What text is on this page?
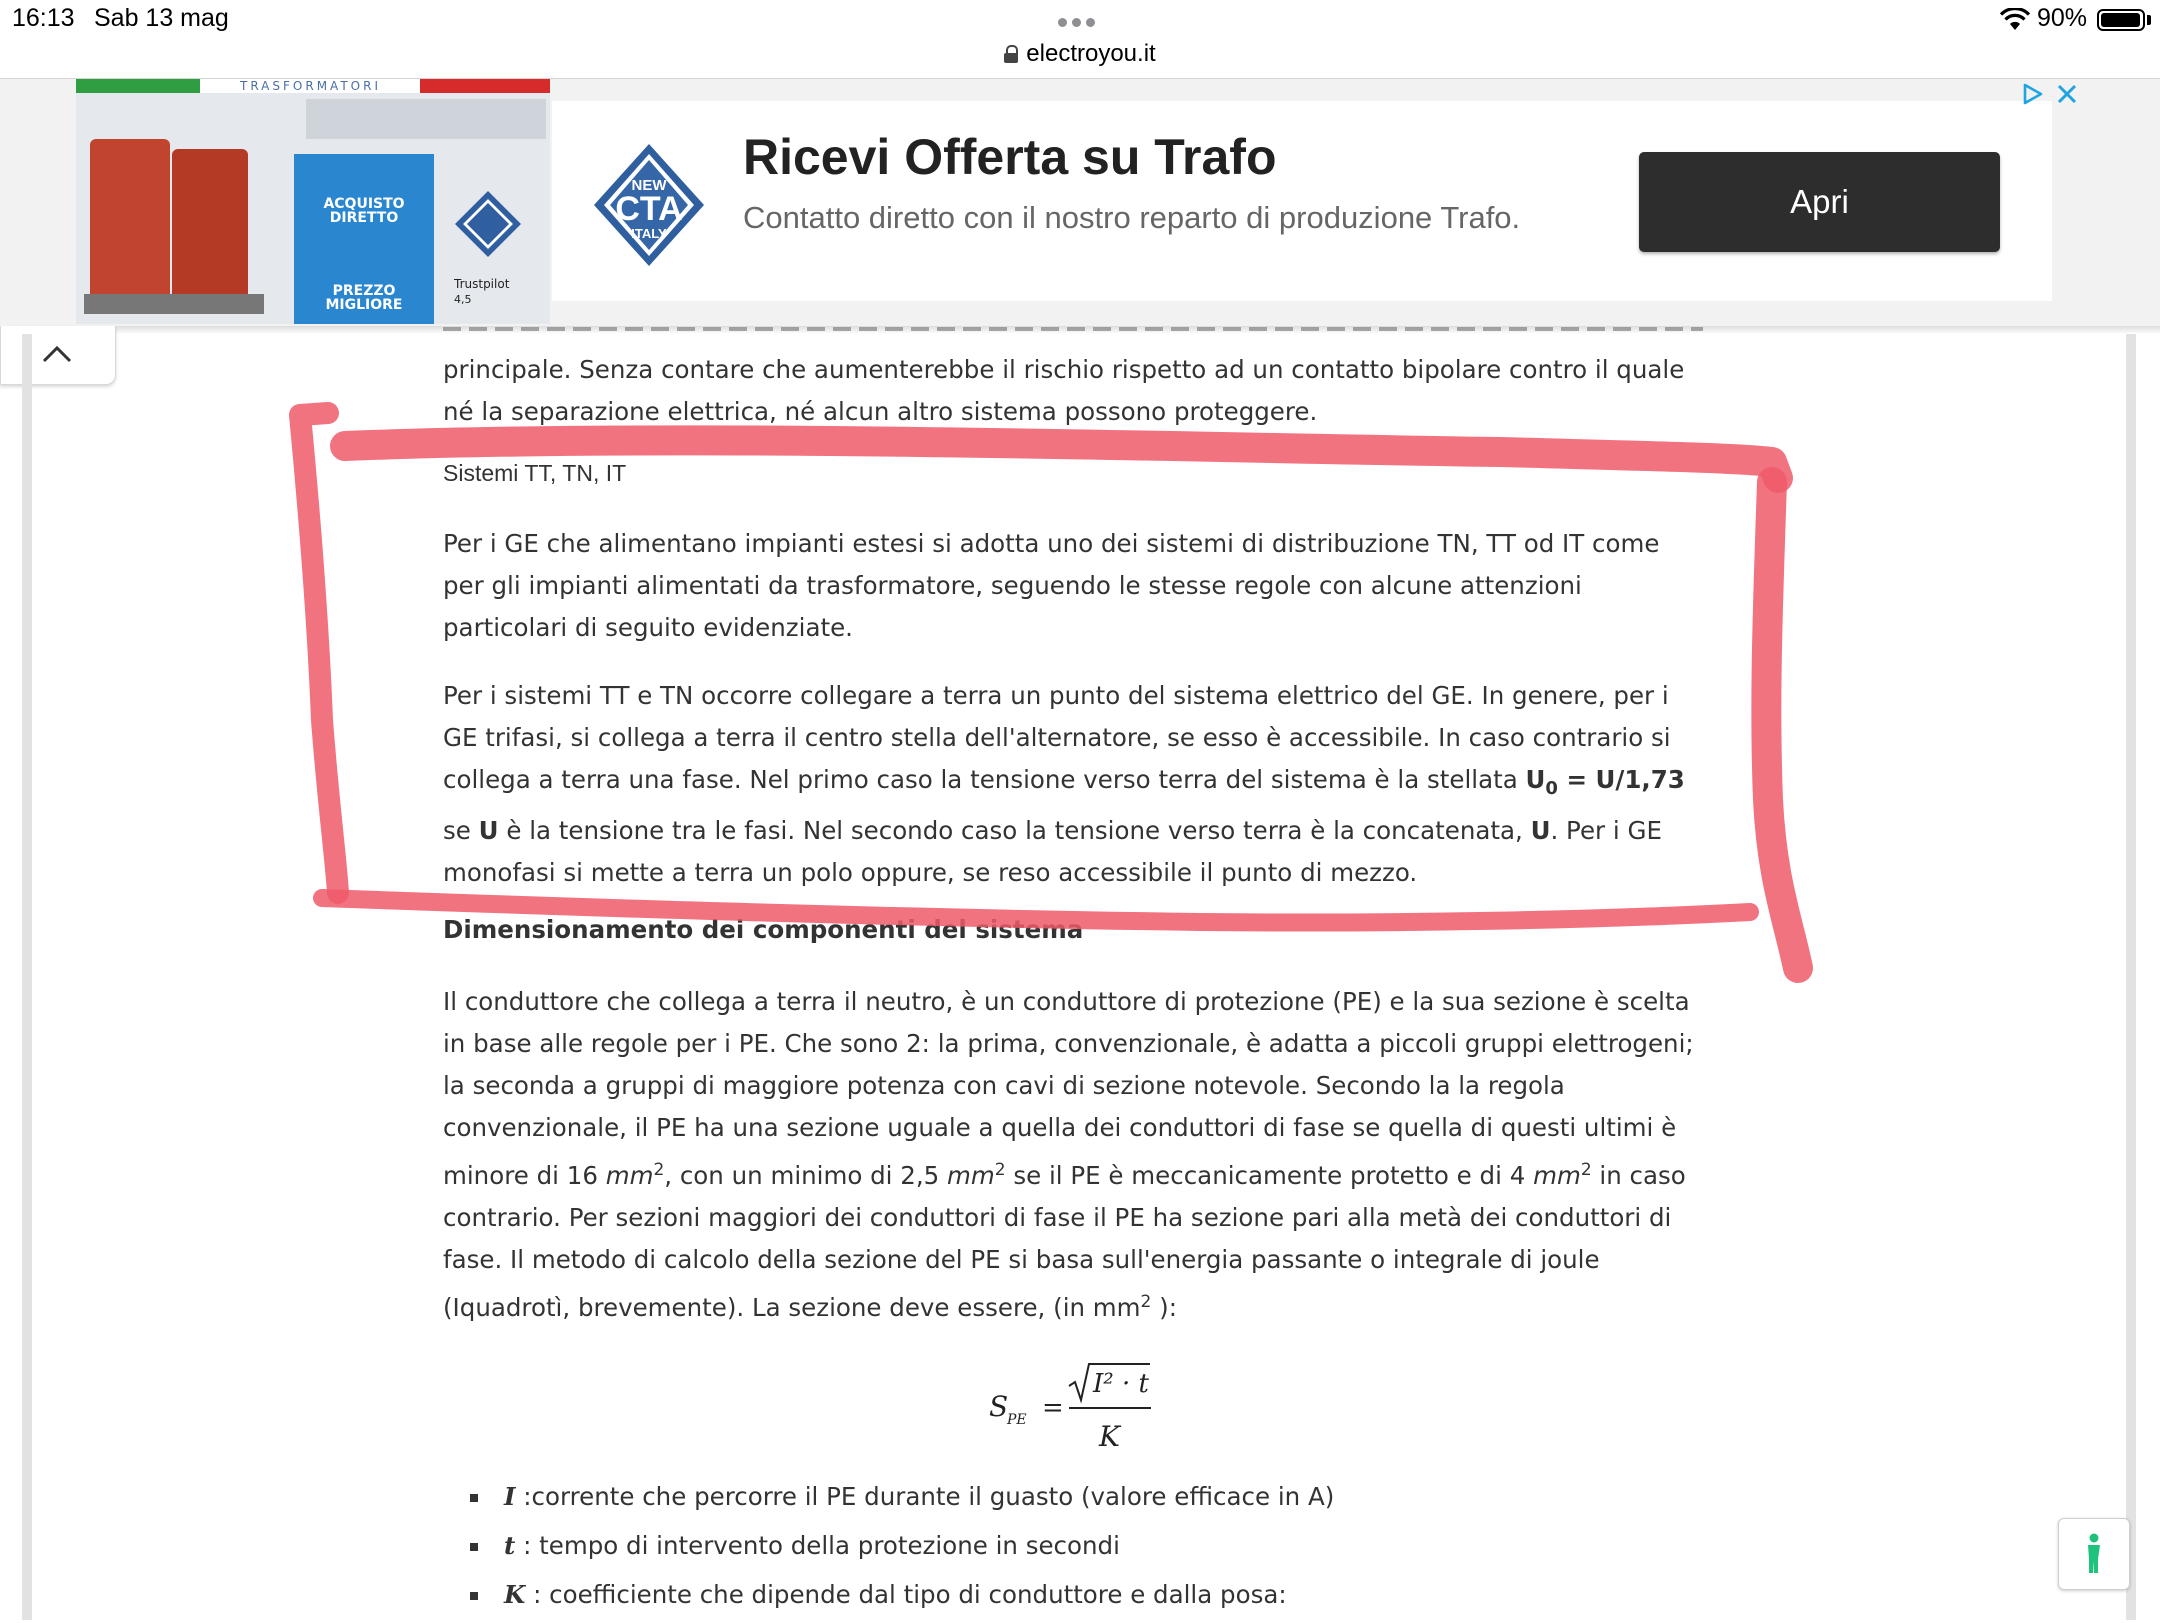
16:13 Sab 13 mag	90%
electroyou.it
TRASFORMATORI
ACQUISTO DIRETTO
PREZZO MIGLIORE
Trustpilot
4,5
NEW
CTA
ITALY
Ricevi Offerta su Trafo
Contatto diretto con il nostro reparto di produzione Trafo.	Apri
principale. Senza contare che aumenterebbe il rischio rispetto ad un contatto bipolare contro il quale
né la separazione elettrica, né alcun altro sistema possono proteggere.
Sistemi TT, TN, IT
Per i GE che alimentano impianti estesi si adotta uno dei sistemi di distribuzione TN, TT od IT come per gli impianti alimentati da trasformatore, seguendo le stesse regole con alcune attenzioni particolari di seguito evidenziate.
Per i sistemi TT e TN occorre collegare a terra un punto del sistema elettrico del GE. In genere, per i GE trifasi, si collega a terra il centro stella dell'alternatore, se esso è accessibile. In caso contrario si collega a terra una fase. Nel primo caso la tensione verso terra del sistema è la stellata $U_0 = U/1,73$ se U è la tensione tra le fasi. Nel secondo caso la tensione verso terra è la concatenata, U. Per i GE monofasi si mette a terra un polo oppure, se reso accessibile il punto di mezzo.
Dimensionamento dei componenti del sistema
Il conduttore che collega a terra il neutro, è un conduttore di protezione (PE) e la sua sezione è scelta in base alle regole per i PE. Che sono 2: la prima, convenzionale, è adatta a piccoli gruppi elettrogeni; la seconda a gruppi di maggiore potenza con cavi di sezione notevole. Secondo la la regola convenzionale, il PE ha una sezione uguale a quella dei conduttori di fase se quella di questi ultimi è minore di 16 $mm^2$, con un minimo di 2,5 $mm^2$ se il PE è meccanicamente protetto e di 4 $mm^2$ in caso contrario. Per sezioni maggiori dei conduttori di fase il PE ha sezione pari alla metà dei conduttori di fase. Il metodo di calcolo della sezione del PE si basa sull'energia passante o integrale di joule (Iquadrotì, brevemente). La sezione deve essere, (in $mm^2$ ):
S
PE =
I² · t
K
I :corrente che percorre il PE durante il guasto (valore efficace in A)
t : tempo di intervento della protezione in secondi
K : coefficiente che dipende dal tipo di conduttore e dalla posa:
